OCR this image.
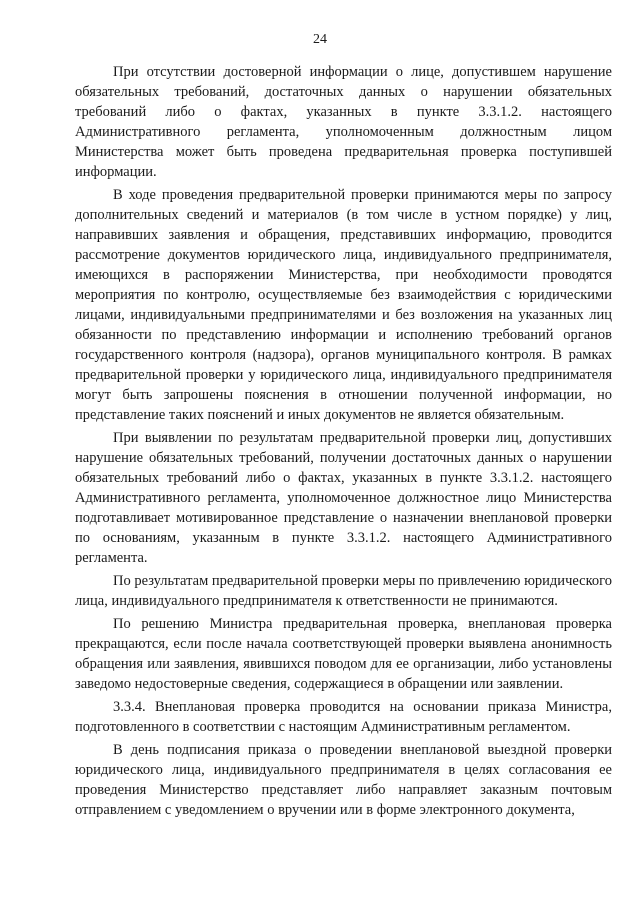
24

При отсутствии достоверной информации о лице, допустившем нарушение обязательных требований, достаточных данных о нарушении обязательных требований либо о фактах, указанных в пункте 3.3.1.2. настоящего Административного регламента, уполномоченным должностным лицом Министерства может быть проведена предварительная проверка поступившей информации.

В ходе проведения предварительной проверки принимаются меры по запросу дополнительных сведений и материалов (в том числе в устном порядке) у лиц, направивших заявления и обращения, представивших информацию, проводится рассмотрение документов юридического лица, индивидуального предпринимателя, имеющихся в распоряжении Министерства, при необходимости проводятся мероприятия по контролю, осуществляемые без взаимодействия с юридическими лицами, индивидуальными предпринимателями и без возложения на указанных лиц обязанности по представлению информации и исполнению требований органов государственного контроля (надзора), органов муниципального контроля. В рамках предварительной проверки у юридического лица, индивидуального предпринимателя могут быть запрошены пояснения в отношении полученной информации, но представление таких пояснений и иных документов не является обязательным.

При выявлении по результатам предварительной проверки лиц, допустивших нарушение обязательных требований, получении достаточных данных о нарушении обязательных требований либо о фактах, указанных в пункте 3.3.1.2. настоящего Административного регламента, уполномоченное должностное лицо Министерства подготавливает мотивированное представление о назначении внеплановой проверки по основаниям, указанным в пункте 3.3.1.2. настоящего Административного регламента.

По результатам предварительной проверки меры по привлечению юридического лица, индивидуального предпринимателя к ответственности не принимаются.

По решению Министра предварительная проверка, внеплановая проверка прекращаются, если после начала соответствующей проверки выявлена анонимность обращения или заявления, явившихся поводом для ее организации, либо установлены заведомо недостоверные сведения, содержащиеся в обращении или заявлении.

3.3.4. Внеплановая проверка проводится на основании приказа Министра, подготовленного в соответствии с настоящим Административным регламентом.

В день подписания приказа о проведении внеплановой выездной проверки юридического лица, индивидуального предпринимателя в целях согласования ее проведения Министерство представляет либо направляет заказным почтовым отправлением с уведомлением о вручении или в форме электронного документа,
